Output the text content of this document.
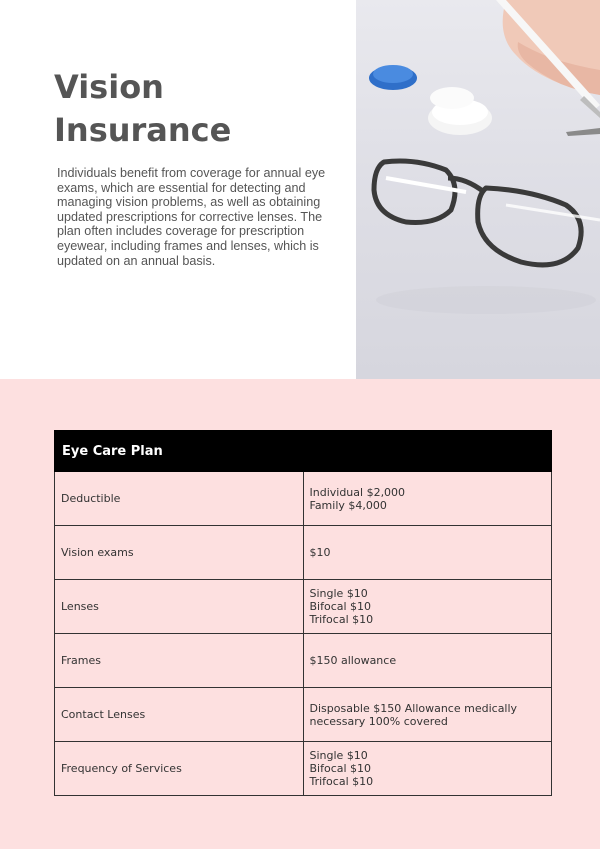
Vision
Insurance

Individuals benefit from coverage for annual eye exams, which are essential for detecting and managing vision problems, as well as obtaining updated prescriptions for corrective lenses. The plan often includes coverage for prescription eyewear, including frames and lenses, which is updated on an annual basis.

Eye Care Plan	
Deductible	Individual $2,000
Family $4,000

Vision exams	$10

Lenses	Single $10
Bifocal $10
Trifocal $10

Frames	$150 allowance

Contact Lenses	Disposable $150 Allowance medically necessary 100% covered

Frequency of Services	Single $10
Bifocal $10
Trifocal $10
